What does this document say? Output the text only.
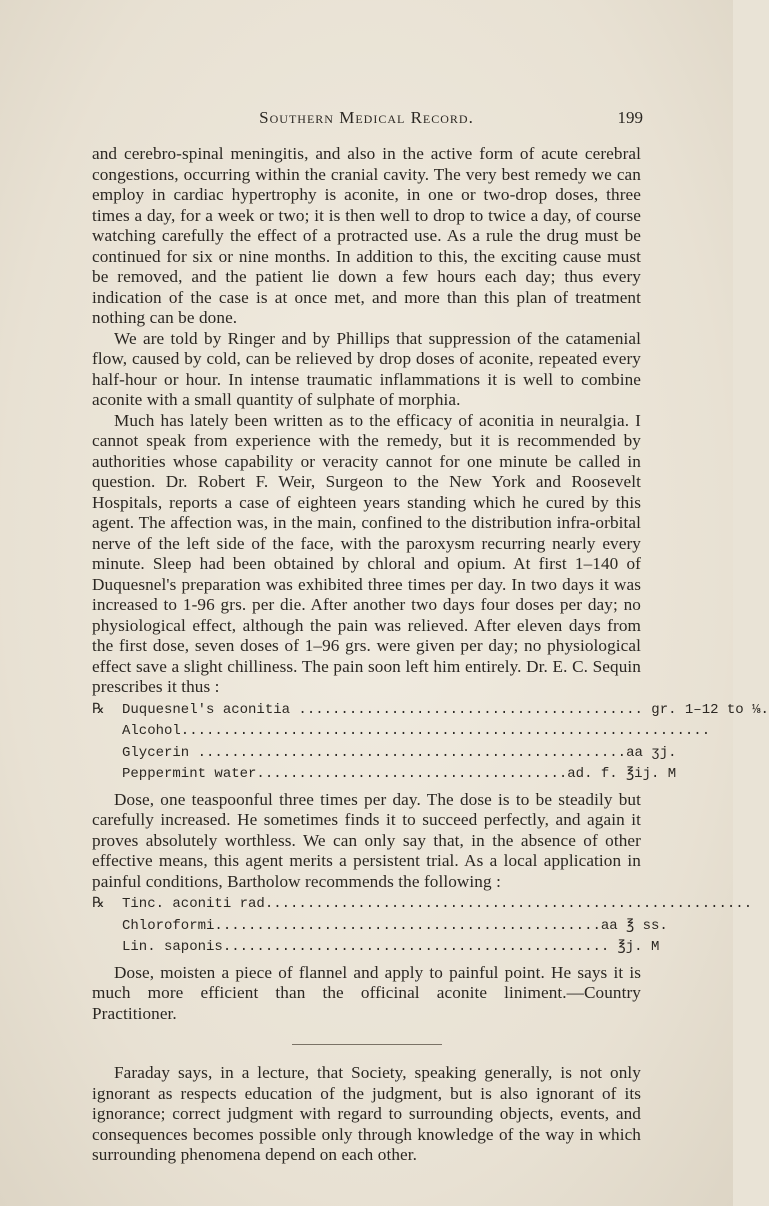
Southern Medical Record.	199

and cerebro-spinal meningitis, and also in the active form of acute cerebral congestions, occurring within the cranial cavity. The very best remedy we can employ in cardiac hypertrophy is aconite, in one or two-drop doses, three times a day, for a week or two; it is then well to drop to twice a day, of course watching carefully the effect of a protracted use. As a rule the drug must be continued for six or nine months. In addition to this, the exciting cause must be removed, and the patient lie down a few hours each day; thus every indication of the case is at once met, and more than this plan of treatment nothing can be done.

We are told by Ringer and by Phillips that suppression of the catamenial flow, caused by cold, can be relieved by drop doses of aconite, repeated every half-hour or hour. In intense traumatic inflammations it is well to combine aconite with a small quantity of sulphate of morphia.

Much has lately been written as to the efficacy of aconitia in neuralgia. I cannot speak from experience with the remedy, but it is recommended by authorities whose capability or veracity cannot for one minute be called in question. Dr. Robert F. Weir, Surgeon to the New York and Roosevelt Hospitals, reports a case of eighteen years standing which he cured by this agent. The affection was, in the main, confined to the distribution infra-orbital nerve of the left side of the face, with the paroxysm recurring nearly every minute. Sleep had been obtained by chloral and opium. At first 1–140 of Duquesnel's preparation was exhibited three times per day. In two days it was increased to 1-96 grs. per die. After another two days four doses per day; no physiological effect, although the pain was relieved. After eleven days from the first dose, seven doses of 1–96 grs. were given per day; no physiological effect save a slight chilliness. The pain soon left him entirely. Dr. E. C. Sequin prescribes it thus :

℞	Duquesnel's aconitia ......................................... gr. 1–12 to ⅛.
Alcohol...............................................................
Glycerin ...................................................aa ʒj.
Peppermint water.....................................ad. f. ℥ij. M

Dose, one teaspoonful three times per day. The dose is to be steadily but carefully increased. He sometimes finds it to succeed perfectly, and again it proves absolutely worthless. We can only say that, in the absence of other effective means, this agent merits a persistent trial. As a local application in painful conditions, Bartholow recommends the following :

℞	Tinc. aconiti rad..........................................................
Chloroformi..............................................aa ℥ ss.
Lin. saponis.............................................. ℥j. M

Dose, moisten a piece of flannel and apply to painful point. He says it is much more efficient than the officinal aconite liniment.—Country Practitioner.

Faraday says, in a lecture, that Society, speaking generally, is not only ignorant as respects education of the judgment, but is also ignorant of its ignorance; correct judgment with regard to surrounding objects, events, and consequences becomes possible only through knowledge of the way in which surrounding phenomena depend on each other.
